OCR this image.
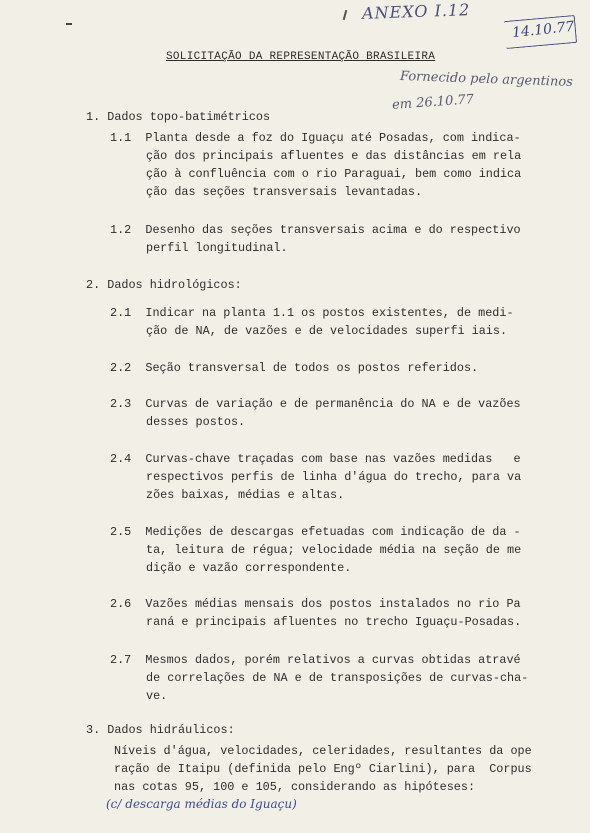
ANEXO I.12
14.10.77
SOLICITAÇÃO DA REPRESENTAÇÃO BRASILEIRA
Fornecido pelo argentinos
em 26.10.77
1. Dados topo-batimétricos
1.1  Planta desde a foz do Iguaçu até Posadas, com indica-
ção dos principais afluentes e das distâncias em rela
ção à confluência com o rio Paraguai, bem como indica
ção das seções transversais levantadas.
1.2  Desenho das seções transversais acima e do respectivo
perfil longitudinal.
2. Dados hidrológicos:
2.1  Indicar na planta 1.1 os postos existentes, de medi-
ção de NA, de vazões e de velocidades superfi iais.
2.2  Seção transversal de todos os postos referidos.
2.3  Curvas de variação e de permanência do NA e de vazões
desses postos.
2.4  Curvas-chave traçadas com base nas vazões medidas   e
respectivos perfis de linha d'água do trecho, para va
zões baixas, médias e altas.
2.5  Medições de descargas efetuadas com indicação de da -
ta, leitura de régua; velocidade média na seção de me
dição e vazão correspondente.
2.6  Vazões médias mensais dos postos instalados no rio Pa
raná e principais afluentes no trecho Iguaçu-Posadas.
2.7  Mesmos dados, porém relativos a curvas obtidas atravé
de correlações de NA e de transposições de curvas-cha-
ve.
3. Dados hidráulicos:
Níveis d'água, velocidades, celeridades, resultantes da ope
ração de Itaipu (definida pelo Engº Ciarlini), para  Corpus
nas cotas 95, 100 e 105, considerando as hipóteses:
(c/ descarga médias do Iguaçu)
